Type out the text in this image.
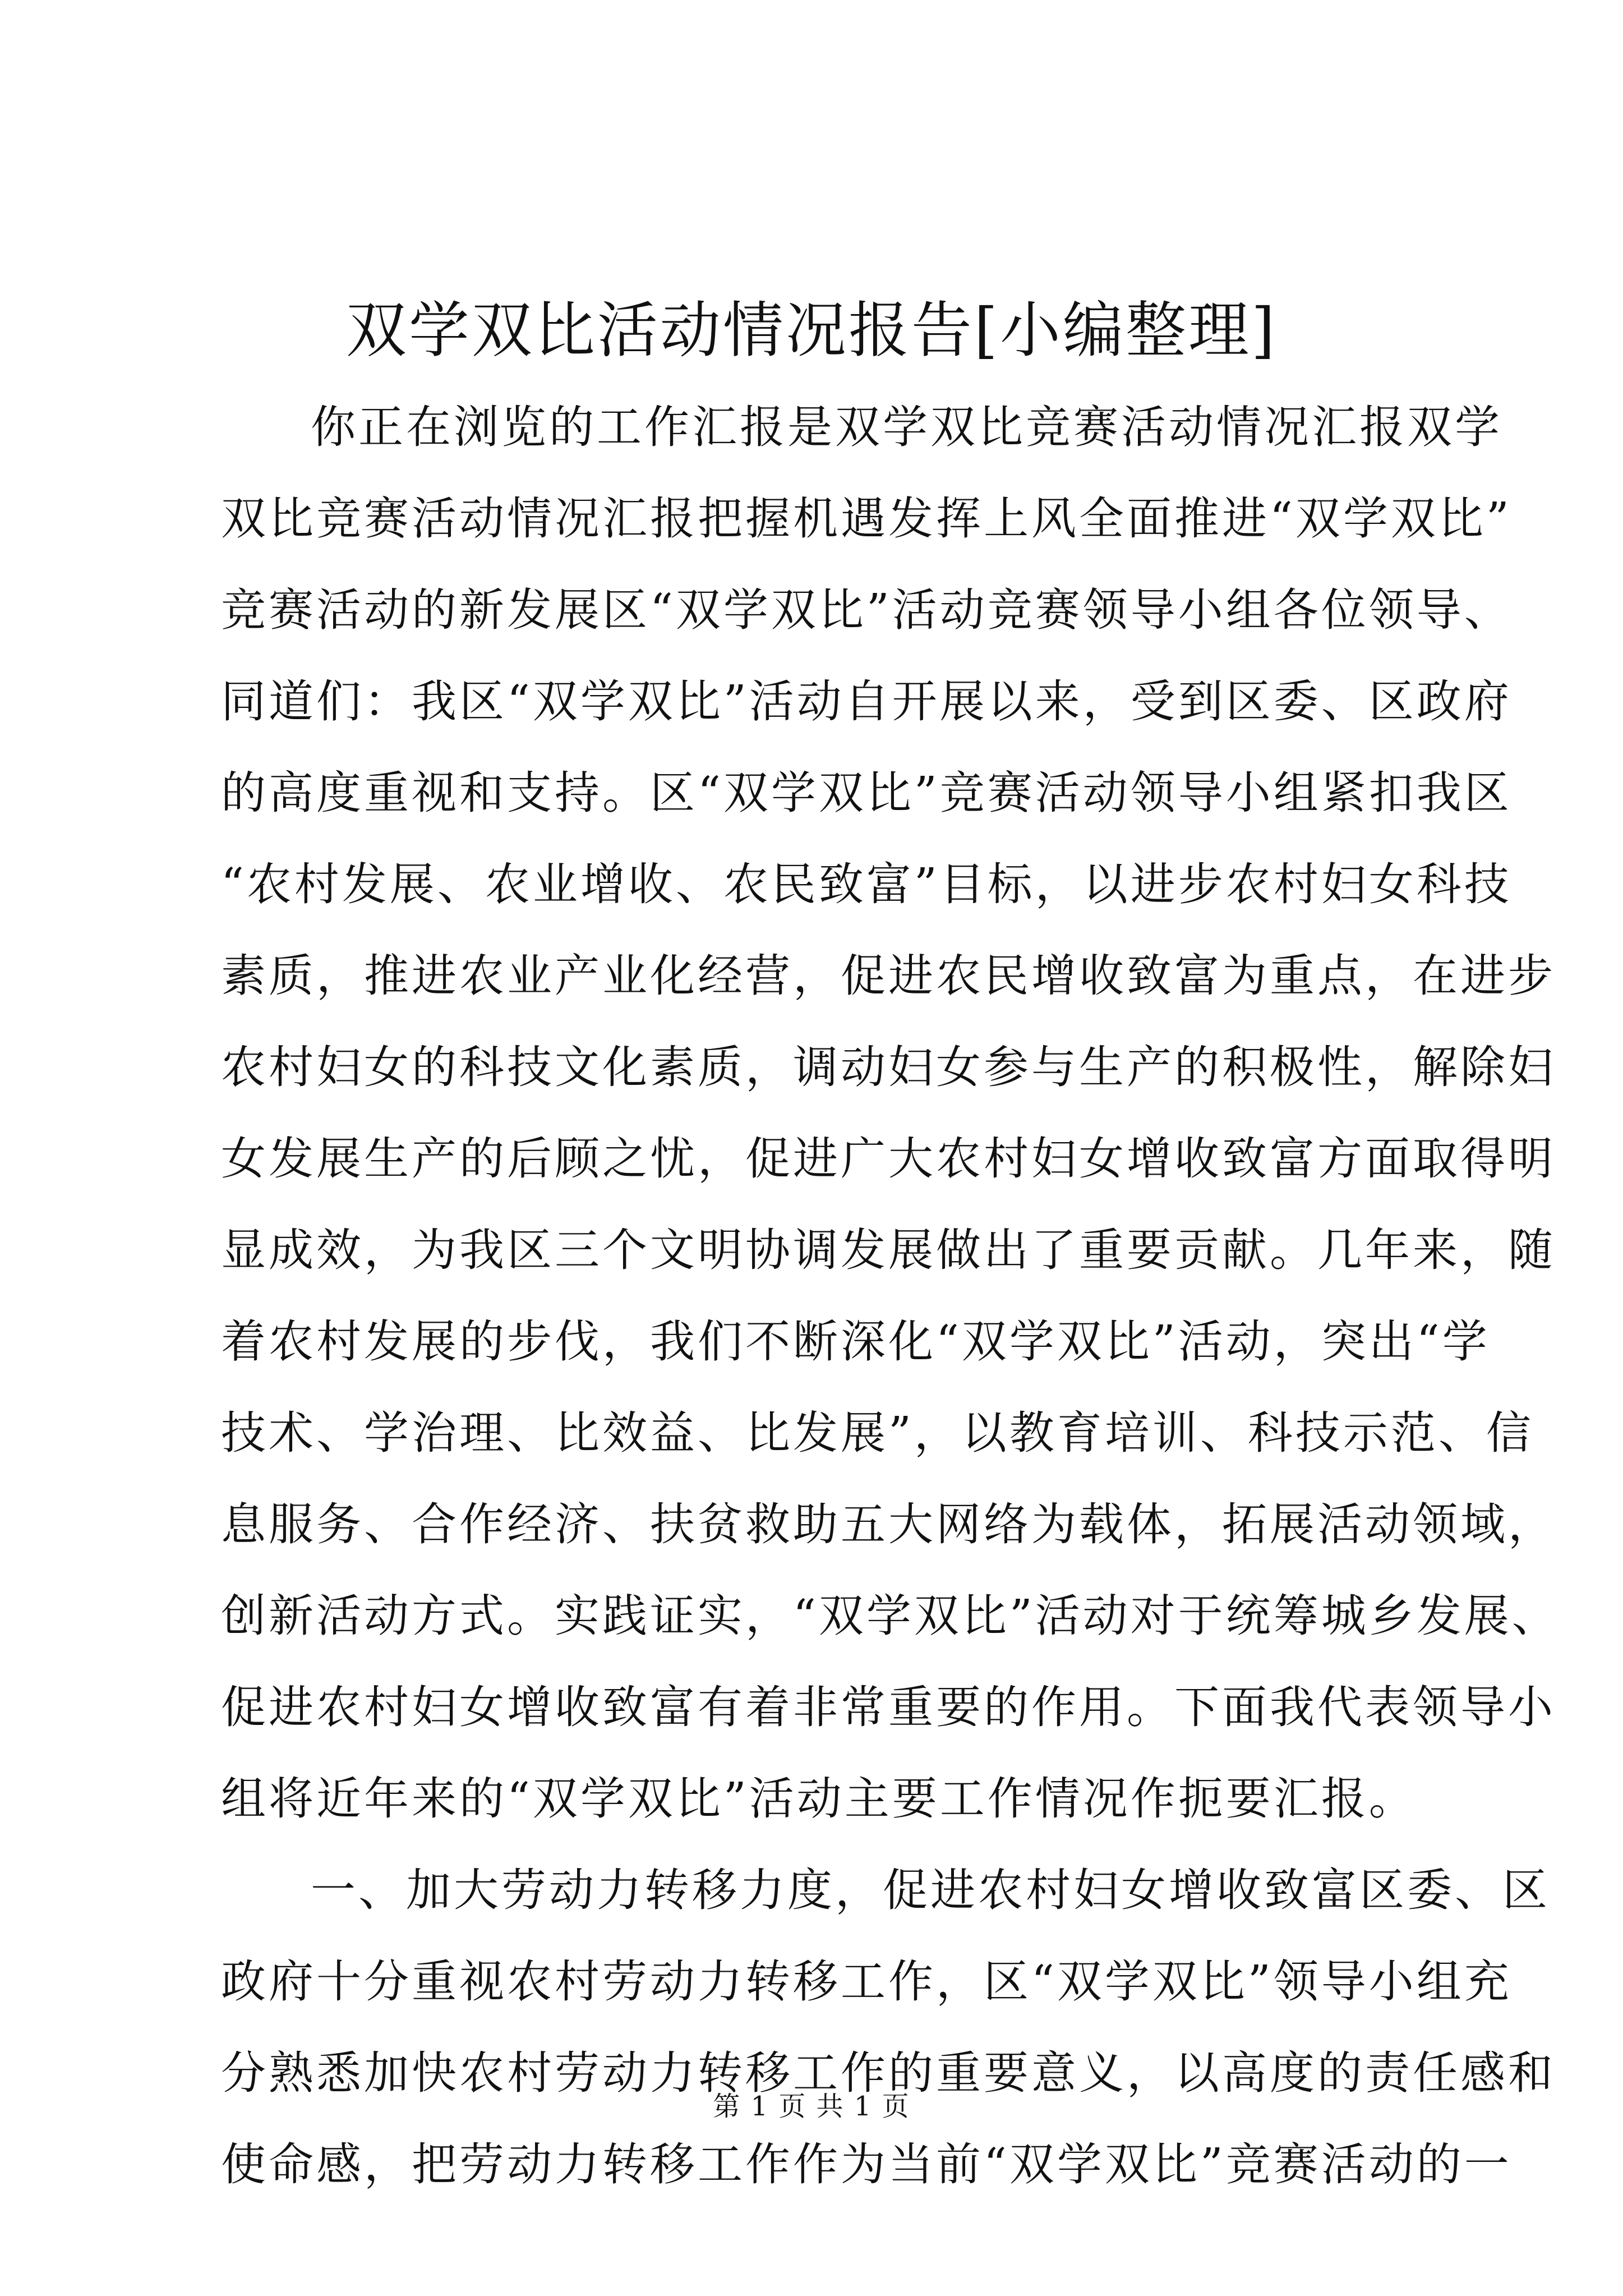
双学双比活动情况报告[小编整理]
你正在浏览的工作汇报是双学双比竞赛活动情况汇报双学
双比竞赛活动情况汇报把握机遇发挥上风全面推进“双学双比”
竞赛活动的新发展区“双学双比”活动竞赛领导小组各位领导、
同道们：我区“双学双比”活动自开展以来，受到区委、区政府
的高度重视和支持。区“双学双比”竞赛活动领导小组紧扣我区
“农村发展、农业增收、农民致富”目标，以进步农村妇女科技
素质，推进农业产业化经营，促进农民增收致富为重点，在进步
农村妇女的科技文化素质，调动妇女参与生产的积极性，解除妇
女发展生产的后顾之忧，促进广大农村妇女增收致富方面取得明
显成效，为我区三个文明协调发展做出了重要贡献。几年来，随
着农村发展的步伐，我们不断深化“双学双比”活动，突出“学
技术、学治理、比效益、比发展”，以教育培训、科技示范、信
息服务、合作经济、扶贫救助五大网络为载体，拓展活动领域，
创新活动方式。实践证实，“双学双比”活动对于统筹城乡发展、
促进农村妇女增收致富有着非常重要的作用。下面我代表领导小
组将近年来的“双学双比”活动主要工作情况作扼要汇报。
一、加大劳动力转移力度，促进农村妇女增收致富区委、区
政府十分重视农村劳动力转移工作，区“双学双比”领导小组充
分熟悉加快农村劳动力转移工作的重要意义，以高度的责任感和
使命感，把劳动力转移工作作为当前“双学双比”竞赛活动的一
第 1 页 共 1 页
